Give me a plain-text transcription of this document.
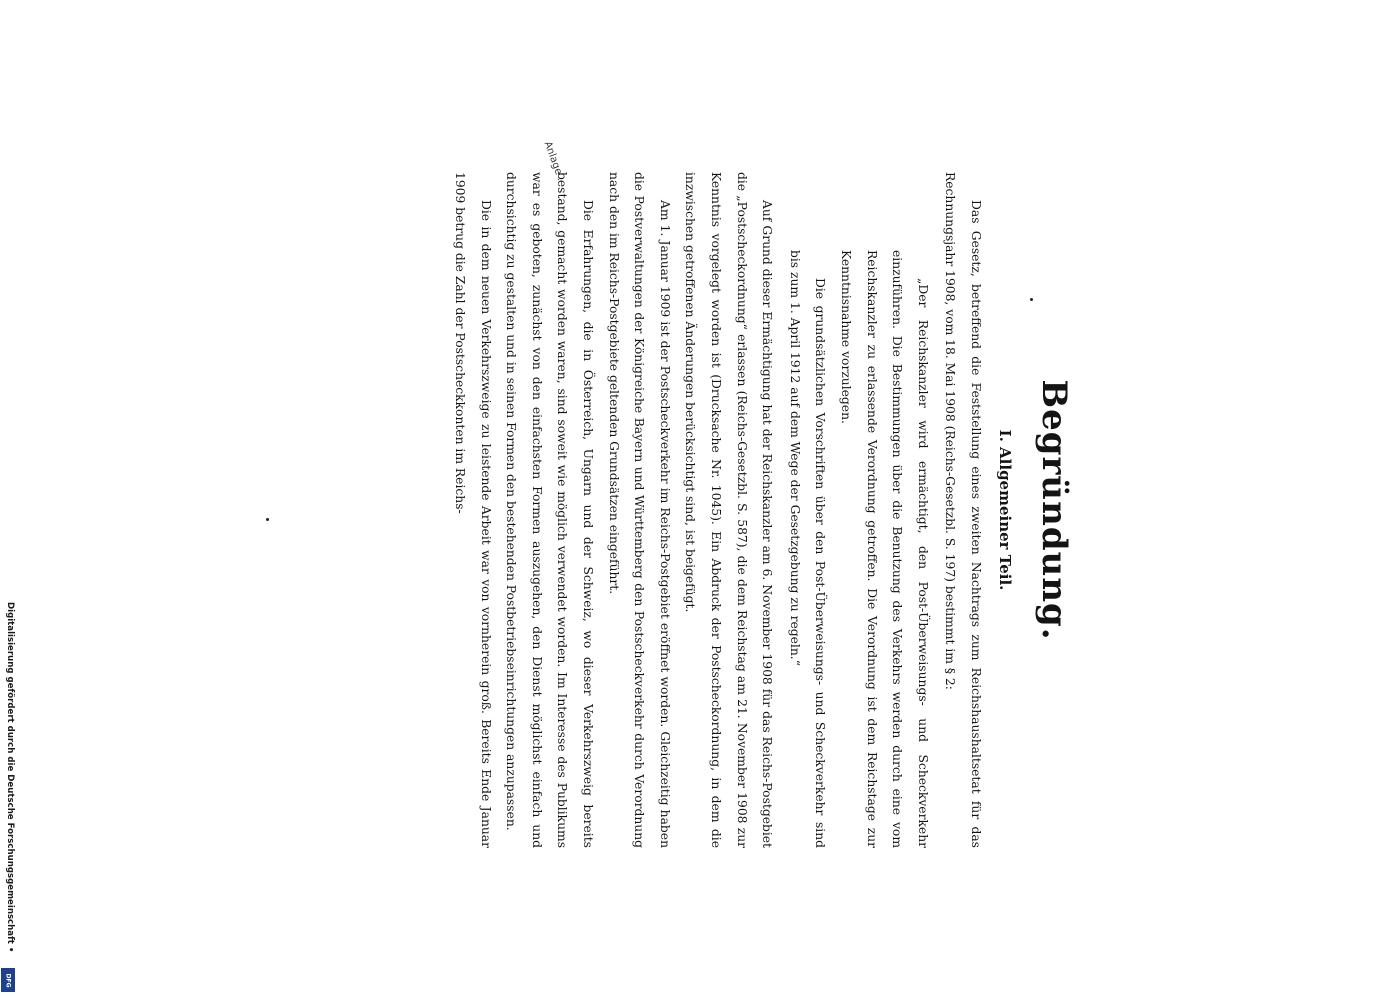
Begründung.
I. Allgemeiner Teil.

Das Gesetz, betreffend die Feststellung eines zweiten Nachtrags zum Reichshaushaltsetat für das Rechnungsjahr 1908, vom 18. Mai 1908 (Reichs-Gesetzbl. S. 197) bestimmt im § 2:

„Der Reichskanzler wird ermächtigt, den Post-Überweisungs- und Scheckverkehr einzuführen. Die Bestimmungen über die Benutzung des Verkehrs werden durch eine vom Reichskanzler zu erlassende Verordnung getroffen. Die Verordnung ist dem Reichstage zur Kenntnisnahme vorzulegen.

Die grundsätzlichen Vorschriften über den Post-Überweisungs- und Scheckverkehr sind bis zum 1. April 1912 auf dem Wege der Gesetzgebung zu regeln.“

Auf Grund dieser Ermächtigung hat der Reichskanzler am 6. November 1908 für das Reichs-Postgebiet die „Postscheckordnung“ erlassen (Reichs-Gesetzbl. S. 587), die dem Reichstag am 21. November 1908 zur Kenntnis vorgelegt worden ist (Drucksache Nr. 1045). Ein Abdruck der Postscheckordnung, in dem die inzwischen getroffenen Änderungen berücksichtigt sind, ist beigefügt.

Am 1. Januar 1909 ist der Postscheckverkehr im Reichs-Postgebiet eröffnet worden. Gleichzeitig haben die Postverwaltungen der Königreiche Bayern und Württemberg den Postscheckverkehr durch Verordnung nach den im Reichs-Postgebiete geltenden Grundsätzen eingeführt.

Die Erfahrungen, die in Österreich, Ungarn und der Schweiz, wo dieser Verkehrszweig bereits bestand, gemacht worden waren, sind soweit wie möglich verwendet worden. Im Interesse des Publikums war es geboten, zunächst von den einfachsten Formen auszugehen, den Dienst möglichst einfach und durchsichtig zu gestalten und in seinen Formen den bestehenden Postbetriebseinrichtungen anzupassen.

Die in dem neuen Verkehrszweige zu leistende Arbeit war von vornherein groß. Bereits Ende Januar 1909 betrug die Zahl der Postscheckkonten im Reichs-

Anlage .
Digitalisierung gefördert durch die Deutsche Forschungsgemeinschaft •
DFG
